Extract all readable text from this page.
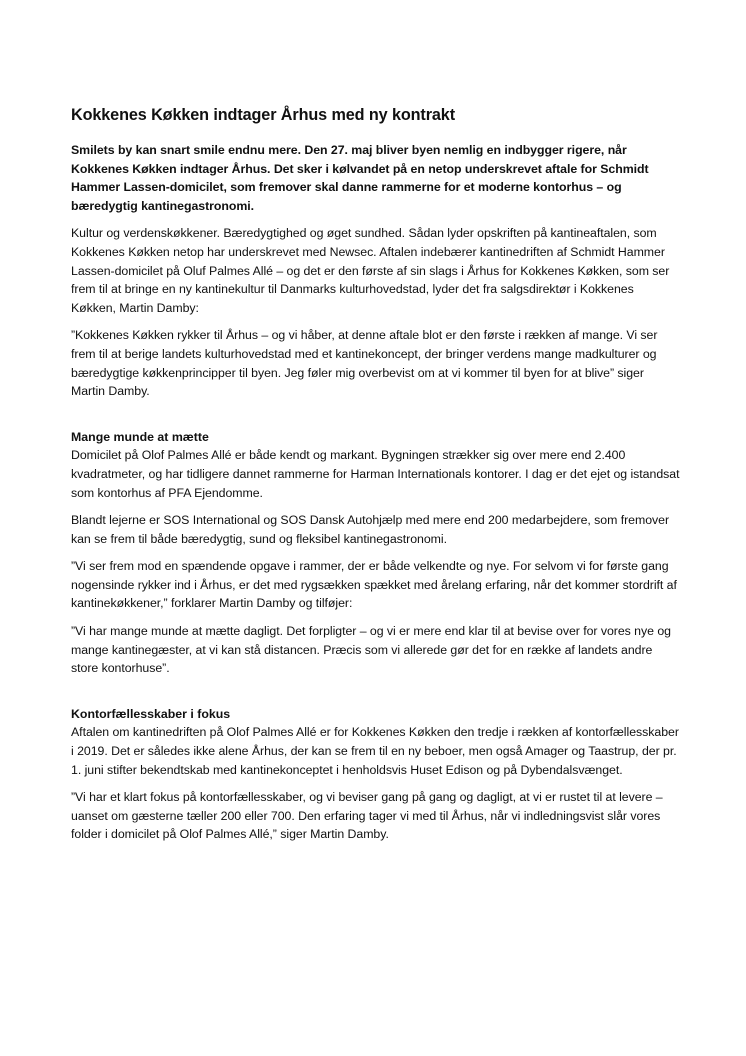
Kokkenes Køkken indtager Århus med ny kontrakt

Smilets by kan snart smile endnu mere. Den 27. maj bliver byen nemlig en indbygger rigere, når Kokkenes Køkken indtager Århus. Det sker i kølvandet på en netop underskrevet aftale for Schmidt Hammer Lassen-domicilet, som fremover skal danne rammerne for et moderne kontorhus – og bæredygtig kantinegastronomi.

Kultur og verdenskøkkener. Bæredygtighed og øget sundhed. Sådan lyder opskriften på kantineaftalen, som Kokkenes Køkken netop har underskrevet med Newsec. Aftalen indebærer kantinedriften af Schmidt Hammer Lassen-domicilet på Oluf Palmes Allé – og det er den første af sin slags i Århus for Kokkenes Køkken, som ser frem til at bringe en ny kantinekultur til Danmarks kulturhovedstad, lyder det fra salgsdirektør i Kokkenes Køkken, Martin Damby:

”Kokkenes Køkken rykker til Århus – og vi håber, at denne aftale blot er den første i rækken af mange. Vi ser frem til at berige landets kulturhovedstad med et kantinekoncept, der bringer verdens mange madkulturer og bæredygtige køkkenprincipper til byen. Jeg føler mig overbevist om at vi kommer til byen for at blive” siger Martin Damby.

Mange munde at mætte

Domicilet på Olof Palmes Allé er både kendt og markant. Bygningen strækker sig over mere end 2.400 kvadratmeter, og har tidligere dannet rammerne for Harman Internationals kontorer. I dag er det ejet og istandsat som kontorhus af PFA Ejendomme.

Blandt lejerne er SOS International og SOS Dansk Autohjælp med mere end 200 medarbejdere, som fremover kan se frem til både bæredygtig, sund og fleksibel kantinegastronomi.

”Vi ser frem mod en spændende opgave i rammer, der er både velkendte og nye. For selvom vi for første gang nogensinde rykker ind i Århus, er det med rygsækken spækket med årelang erfaring, når det kommer stordrift af kantinekøkkener,” forklarer Martin Damby og tilføjer:

”Vi har mange munde at mætte dagligt. Det forpligter – og vi er mere end klar til at bevise over for vores nye og mange kantinegæster, at vi kan stå distancen. Præcis som vi allerede gør det for en række af landets andre store kontorhuse”.

Kontorfællesskaber i fokus

Aftalen om kantinedriften på Olof Palmes Allé er for Kokkenes Køkken den tredje i rækken af kontorfællesskaber i 2019. Det er således ikke alene Århus, der kan se frem til en ny beboer, men også Amager og Taastrup, der pr. 1. juni stifter bekendtskab med kantinekonceptet i henholdsvis Huset Edison og på Dybendalsvænget.

”Vi har et klart fokus på kontorfællesskaber, og vi beviser gang på gang og dagligt, at vi er rustet til at levere – uanset om gæsterne tæller 200 eller 700. Den erfaring tager vi med til Århus, når vi indledningsvist slår vores folder i domicilet på Olof Palmes Allé,” siger Martin Damby.
